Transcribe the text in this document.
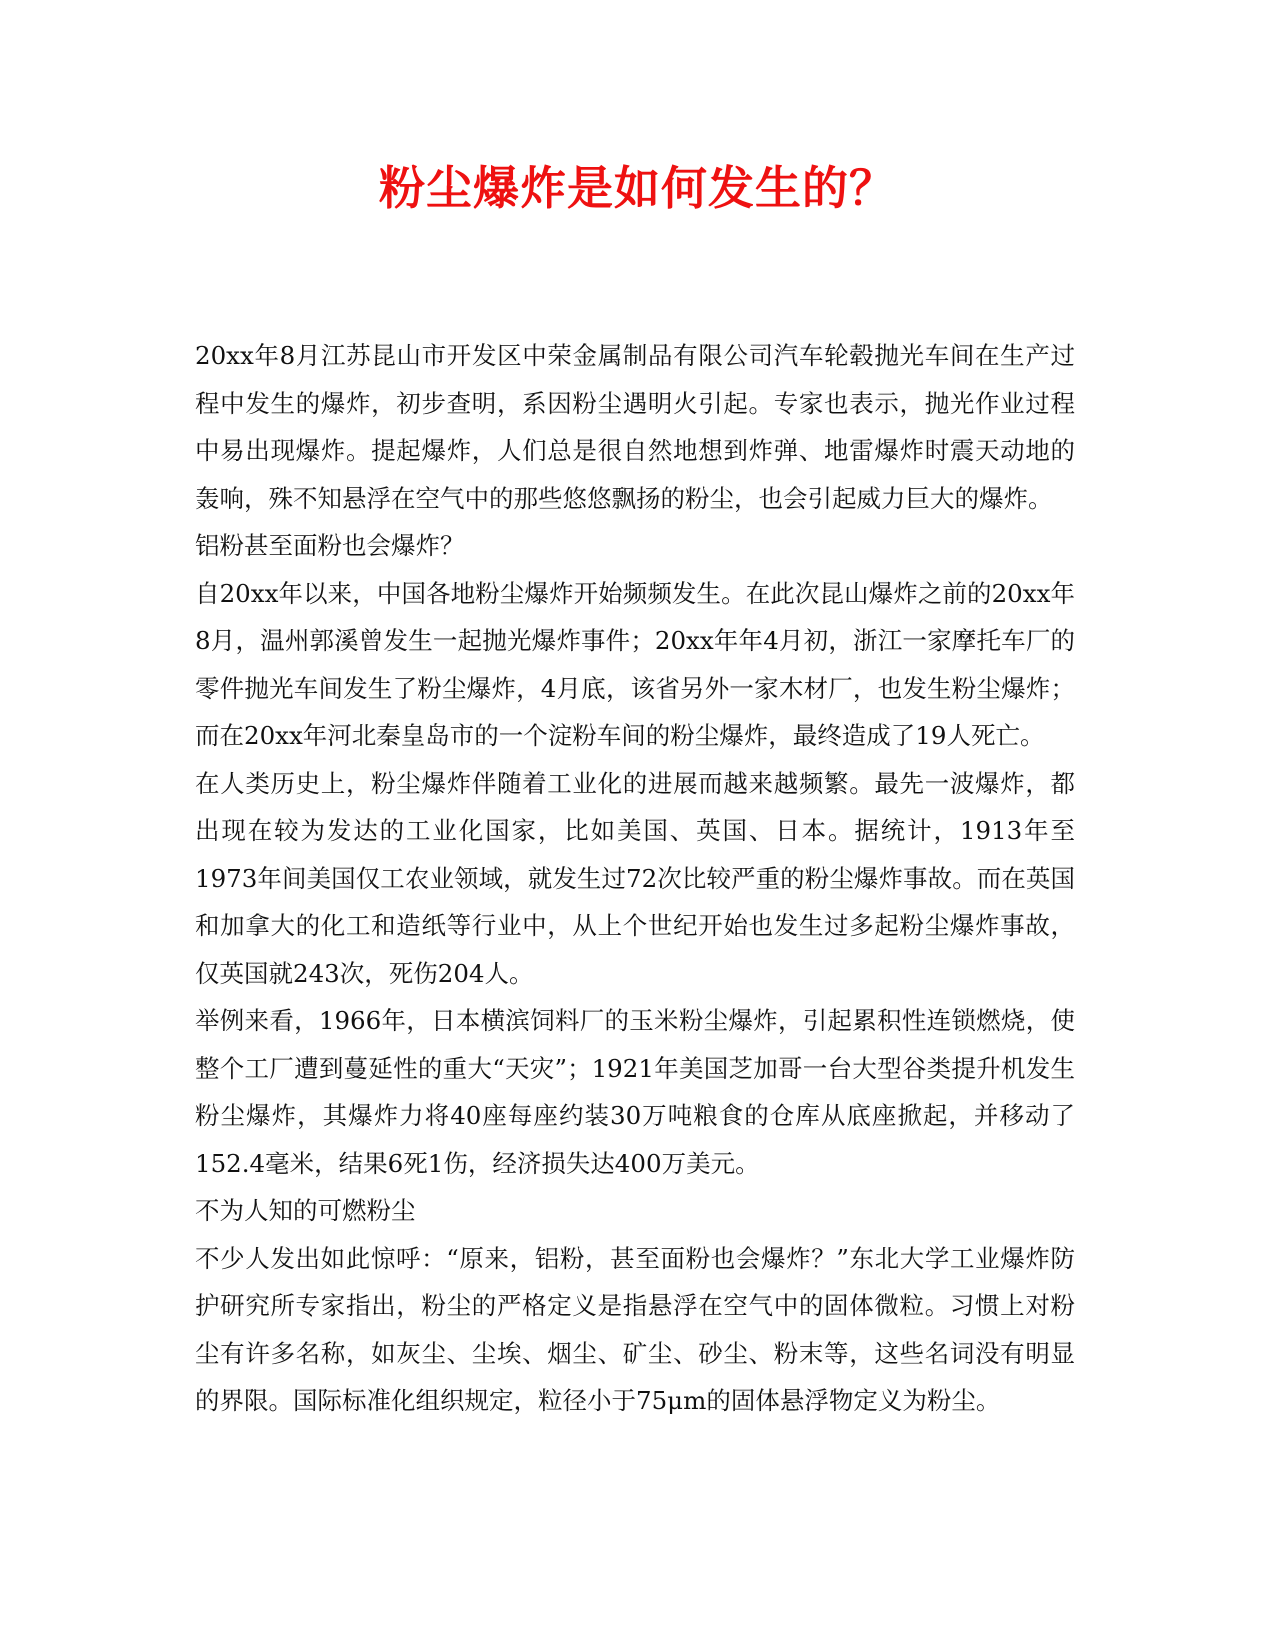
粉尘爆炸是如何发生的？

20xx年8月江苏昆山市开发区中荣金属制品有限公司汽车轮毂抛光车间在生产过程中发生的爆炸，初步查明，系因粉尘遇明火引起。专家也表示，抛光作业过程中易出现爆炸。提起爆炸，人们总是很自然地想到炸弹、地雷爆炸时震天动地的轰响，殊不知悬浮在空气中的那些悠悠飘扬的粉尘，也会引起威力巨大的爆炸。

铝粉甚至面粉也会爆炸？

自20xx年以来，中国各地粉尘爆炸开始频频发生。在此次昆山爆炸之前的20xx年8月，温州郭溪曾发生一起抛光爆炸事件；20xx年年4月初，浙江一家摩托车厂的零件抛光车间发生了粉尘爆炸，4月底，该省另外一家木材厂，也发生粉尘爆炸；而在20xx年河北秦皇岛市的一个淀粉车间的粉尘爆炸，最终造成了19人死亡。

在人类历史上，粉尘爆炸伴随着工业化的进展而越来越频繁。最先一波爆炸，都出现在较为发达的工业化国家，比如美国、英国、日本。据统计，1913年至1973年间美国仅工农业领域，就发生过72次比较严重的粉尘爆炸事故。而在英国和加拿大的化工和造纸等行业中，从上个世纪开始也发生过多起粉尘爆炸事故，仅英国就243次，死伤204人。

举例来看，1966年，日本横滨饲料厂的玉米粉尘爆炸，引起累积性连锁燃烧，使整个工厂遭到蔓延性的重大“天灾”；1921年美国芝加哥一台大型谷类提升机发生粉尘爆炸，其爆炸力将40座每座约装30万吨粮食的仓库从底座掀起，并移动了152.4毫米，结果6死1伤，经济损失达400万美元。

不为人知的可燃粉尘

不少人发出如此惊呼：“原来，铝粉，甚至面粉也会爆炸？”东北大学工业爆炸防护研究所专家指出，粉尘的严格定义是指悬浮在空气中的固体微粒。习惯上对粉尘有许多名称，如灰尘、尘埃、烟尘、矿尘、砂尘、粉末等，这些名词没有明显的界限。国际标准化组织规定，粒径小于75μm的固体悬浮物定义为粉尘。
